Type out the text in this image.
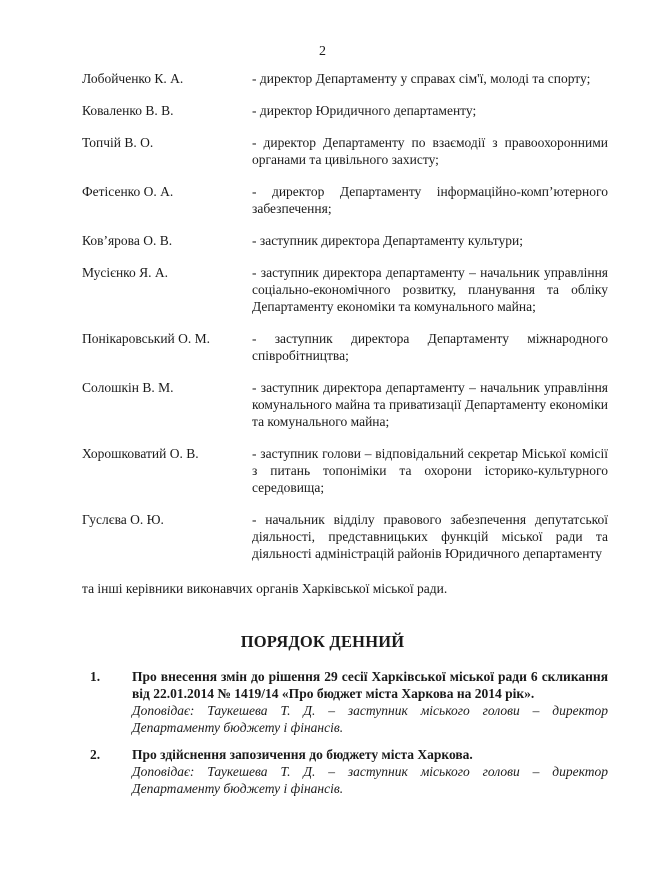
2
Лобойченко К. А.	- директор Департаменту у справах сім'ї, молоді та спорту;
Коваленко В. В.	- директор Юридичного департаменту;
Топчій В. О.	- директор Департаменту по взаємодії з правоохоронними органами та цивільного захисту;
Фетісенко О. А.	- директор Департаменту інформаційно-комп’ютерного забезпечення;
Ков’ярова О. В.	- заступник директора Департаменту культури;
Мусієнко Я. А.	- заступник директора департаменту – начальник управління соціально-економічного розвитку, планування та обліку Департаменту економіки та комунального майна;
Понікаровський О. М.	- заступник директора Департаменту міжнародного співробітництва;
Солошкін В. М.	- заступник директора департаменту – начальник управління комунального майна та приватизації Департаменту економіки та комунального майна;
Хорошковатий О. В.	- заступник голови – відповідальний секретар Міської комісії з питань топоніміки та охорони історико-культурного середовища;
Гуслєва О. Ю.	- начальник відділу правового забезпечення депутатської діяльності, представницьких функцій міської ради та діяльності адміністрацій районів Юридичного департаменту
та інші керівники виконавчих органів Харківської міської ради.
ПОРЯДОК ДЕННИЙ
1.	Про внесення змін до рішення 29 сесії Харківської міської ради 6 скликання від 22.01.2014 № 1419/14 «Про бюджет міста Харкова на 2014 рік».
Доповідає: Таукешева Т. Д. – заступник міського голови – директор Департаменту бюджету і фінансів.
2.	Про здійснення запозичення до бюджету міста Харкова.
Доповідає: Таукешева Т. Д. – заступник міського голови – директор Департаменту бюджету і фінансів.
